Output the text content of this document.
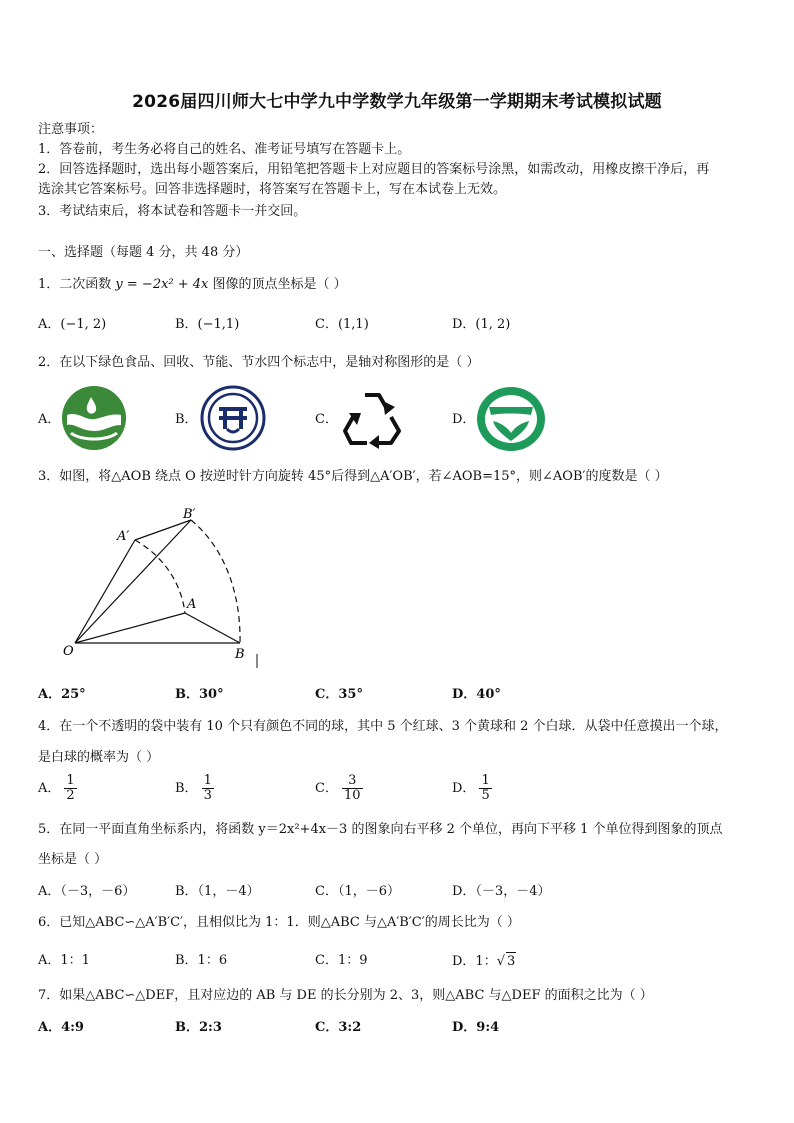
2026届四川师大七中学九中学数学九年级第一学期期末考试模拟试题
注意事项：
1．答卷前，考生务必将自己的姓名、准考证号填写在答题卡上。
2．回答选择题时，选出每小题答案后，用铅笔把答题卡上对应题目的答案标号涂黑，如需改动，用橡皮擦干净后，再
选涂其它答案标号。回答非选择题时，将答案写在答题卡上，写在本试卷上无效。
3．考试结束后，将本试卷和答题卡一并交回。
一、选择题（每题 4 分，共 48 分）
1．二次函数 y = −2x² + 4x 图像的顶点坐标是（ ）
A．(−1, 2)	B．(−1,1)	C．(1,1)	D．(1, 2)
2．在以下绿色食品、回收、节能、节水四个标志中，是轴对称图形的是（ ）
A．	B．	C．	D．
3．如图，将△AOB 绕点 O 按逆时针方向旋转 45°后得到△A′OB′，若∠AOB=15°，则∠AOB′的度数是（ ）
B′
A′
A
O	B
A．25°	B．30°	C．35°	D．40°
4．在一个不透明的袋中装有 10 个只有颜色不同的球，其中 5 个红球、3 个黄球和 2 个白球．从袋中任意摸出一个球，
是白球的概率为（ ）
A． $\frac{1}{2}$	B． $\frac{1}{3}$	C． $\frac{3}{10}$	D． $\frac{1}{5}$
5．在同一平面直角坐标系内，将函数 y＝2x²+4x－3 的图象向右平移 2 个单位，再向下平移 1 个单位得到图象的顶点
坐标是（ ）
A．（－3，－6）	B．（1，－4）	C．（1，－6）	D．（－3，－4）
6．已知△ABC∽△A′B′C′，且相似比为 1：1．则△ABC 与△A′B′C′的周长比为（ ）
A．1：1	B．1：6	C．1：9	D．1：√ 3
7．如果△ABC∽△DEF，且对应边的 AB 与 DE 的长分别为 2、3，则△ABC 与△DEF 的面积之比为（ ）
A．4:9	B．2:3	C．3:2	D．9:4
